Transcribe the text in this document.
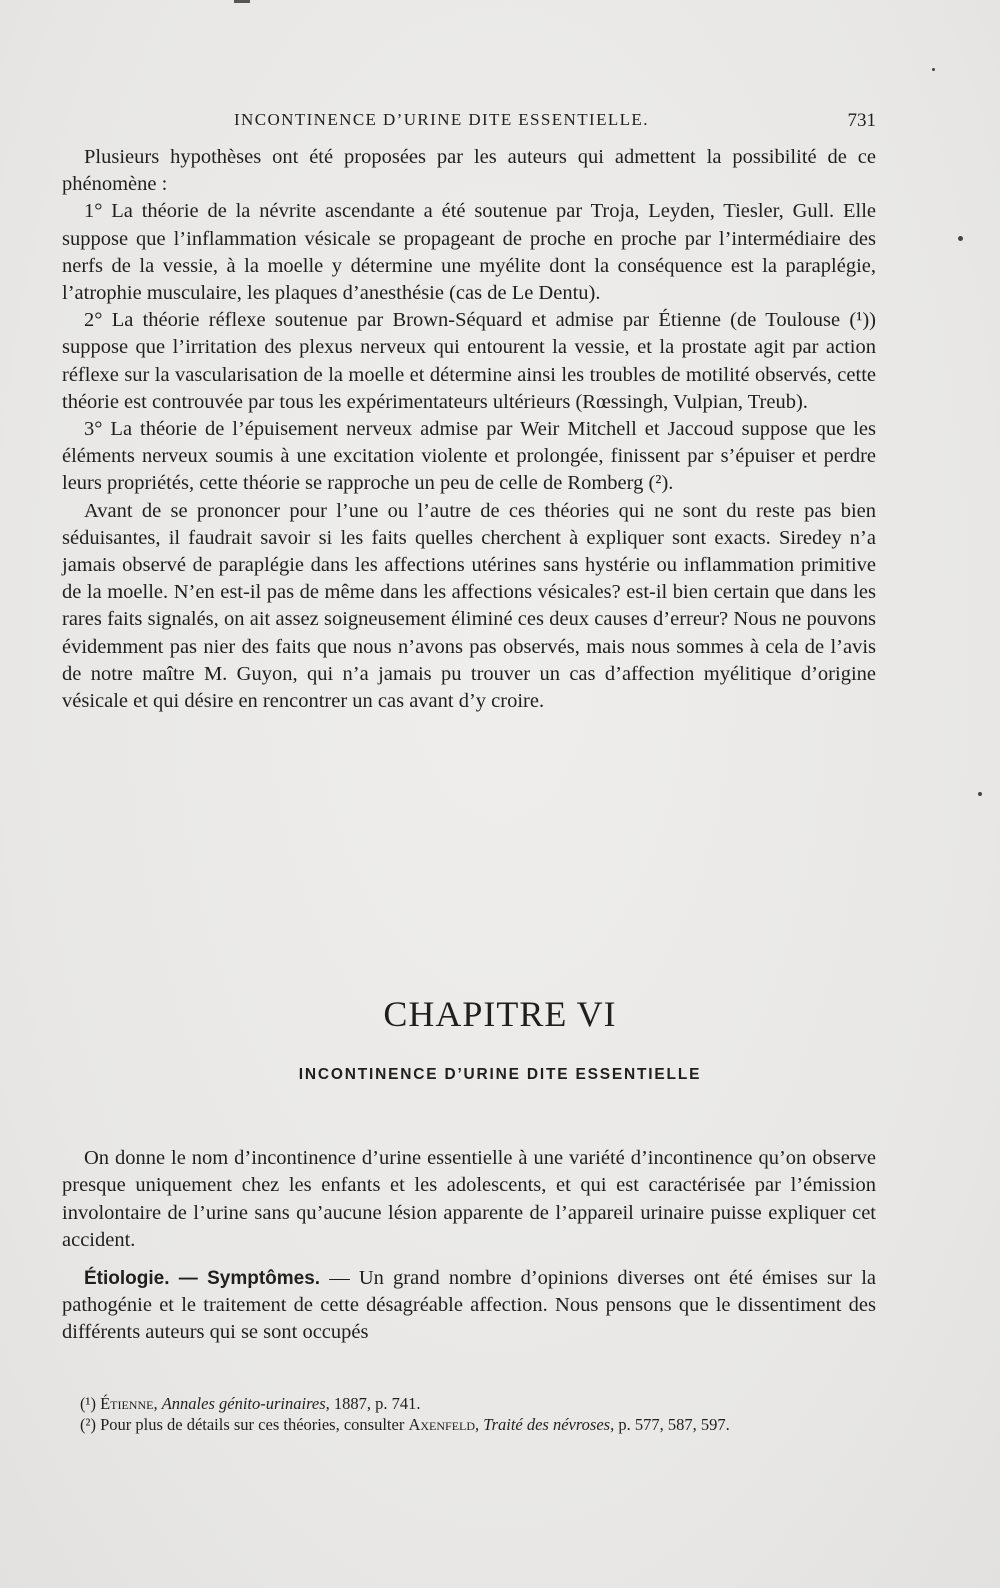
INCONTINENCE D’URINE DITE ESSENTIELLE.	731

Plusieurs hypothèses ont été proposées par les auteurs qui admettent la possibilité de ce phénomène :

1° La théorie de la névrite ascendante a été soutenue par Troja, Leyden, Tiesler, Gull. Elle suppose que l’inflammation vésicale se propageant de proche en proche par l’intermédiaire des nerfs de la vessie, à la moelle y détermine une myélite dont la conséquence est la paraplégie, l’atrophie musculaire, les plaques d’anesthésie (cas de Le Dentu).

2° La théorie réflexe soutenue par Brown-Séquard et admise par Étienne (de Toulouse (¹)) suppose que l’irritation des plexus nerveux qui entourent la vessie, et la prostate agit par action réflexe sur la vascularisation de la moelle et détermine ainsi les troubles de motilité observés, cette théorie est controuvée par tous les expérimentateurs ultérieurs (Rœssingh, Vulpian, Treub).

3° La théorie de l’épuisement nerveux admise par Weir Mitchell et Jaccoud suppose que les éléments nerveux soumis à une excitation violente et prolongée, finissent par s’épuiser et perdre leurs propriétés, cette théorie se rapproche un peu de celle de Romberg (²).

Avant de se prononcer pour l’une ou l’autre de ces théories qui ne sont du reste pas bien séduisantes, il faudrait savoir si les faits quelles cherchent à expliquer sont exacts. Siredey n’a jamais observé de paraplégie dans les affections utérines sans hystérie ou inflammation primitive de la moelle. N’en est-il pas de même dans les affections vésicales? est-il bien certain que dans les rares faits signalés, on ait assez soigneusement éliminé ces deux causes d’erreur? Nous ne pouvons évidemment pas nier des faits que nous n’avons pas observés, mais nous sommes à cela de l’avis de notre maître M. Guyon, qui n’a jamais pu trouver un cas d’affection myélitique d’origine vésicale et qui désire en rencontrer un cas avant d’y croire.

CHAPITRE VI
INCONTINENCE D’URINE DITE ESSENTIELLE

On donne le nom d’incontinence d’urine essentielle à une variété d’incontinence qu’on observe presque uniquement chez les enfants et les adolescents, et qui est caractérisée par l’émission involontaire de l’urine sans qu’aucune lésion apparente de l’appareil urinaire puisse expliquer cet accident.

Étiologie. — Symptômes. — Un grand nombre d’opinions diverses ont été émises sur la pathogénie et le traitement de cette désagréable affection. Nous pensons que le dissentiment des différents auteurs qui se sont occupés

(¹) Étienne, Annales génito-urinaires, 1887, p. 741.

(²) Pour plus de détails sur ces théories, consulter Axenfeld, Traité des névroses, p. 577, 587, 597.
